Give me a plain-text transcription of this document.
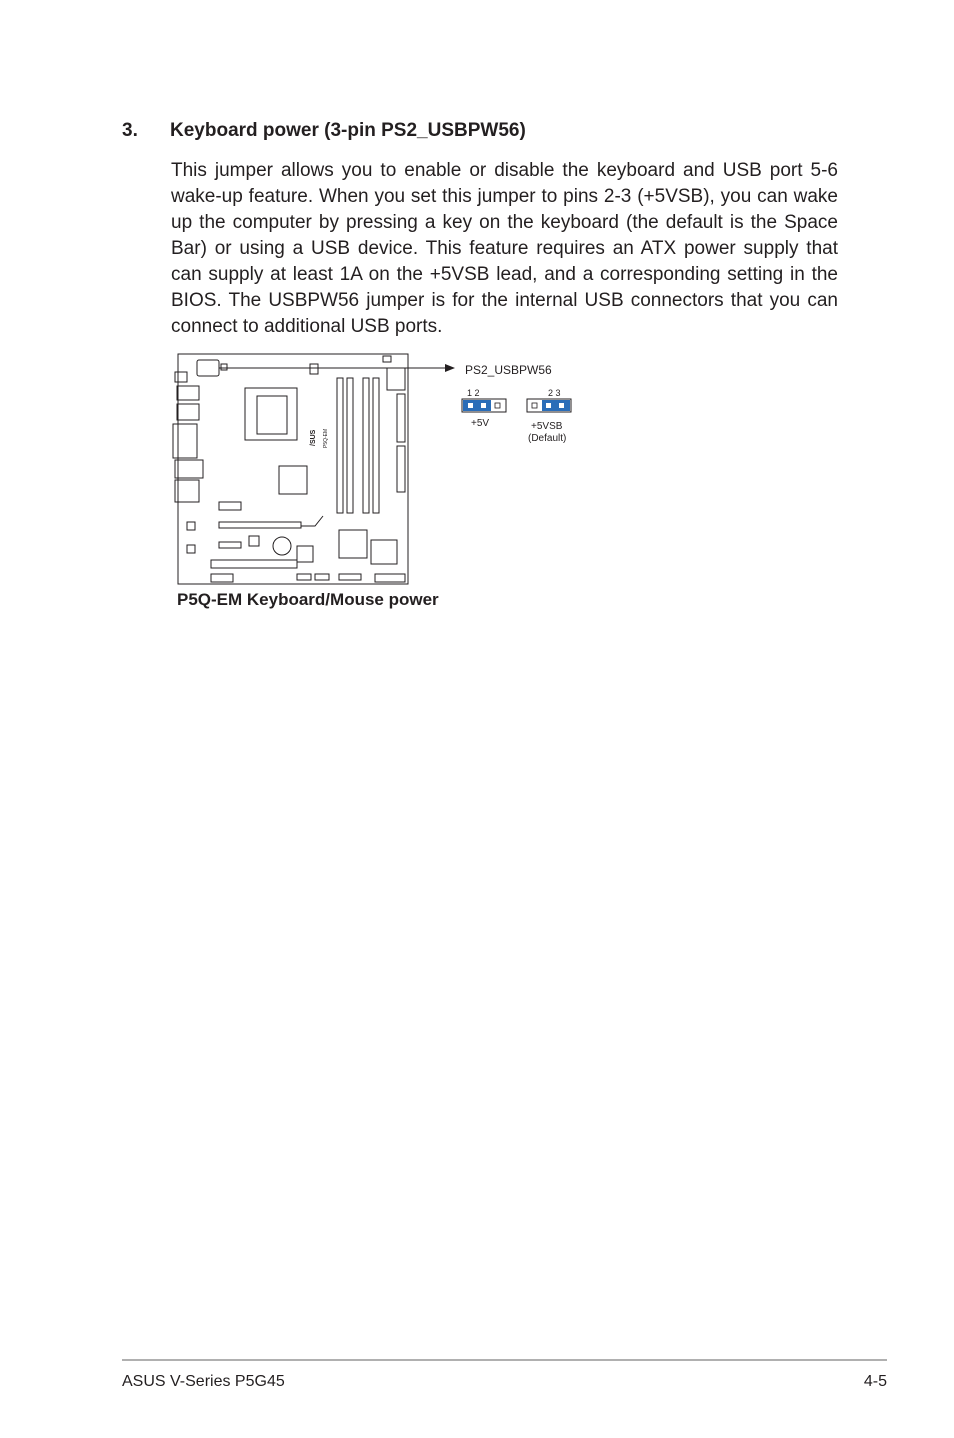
3. Keyboard power (3-pin PS2_USBPW56)

This jumper allows you to enable or disable the keyboard and USB port 5-6 wake-up feature. When you set this jumper to pins 2-3 (+5VSB), you can wake up the computer by pressing a key on the keyboard (the default is the Space Bar) or using a USB device. This feature requires an ATX power supply that can supply at least 1A on the +5VSB lead, and a corresponding setting in the BIOS. The USBPW56 jumper is for the internal USB connectors that you can connect to additional USB ports.

/SUS P5Q-EM
PS2_USBPW56
1 2
+5V
2 3
+5VSB
(Default)
P5Q-EM Keyboard/Mouse power
ASUS V-Series P5G45	4-5
